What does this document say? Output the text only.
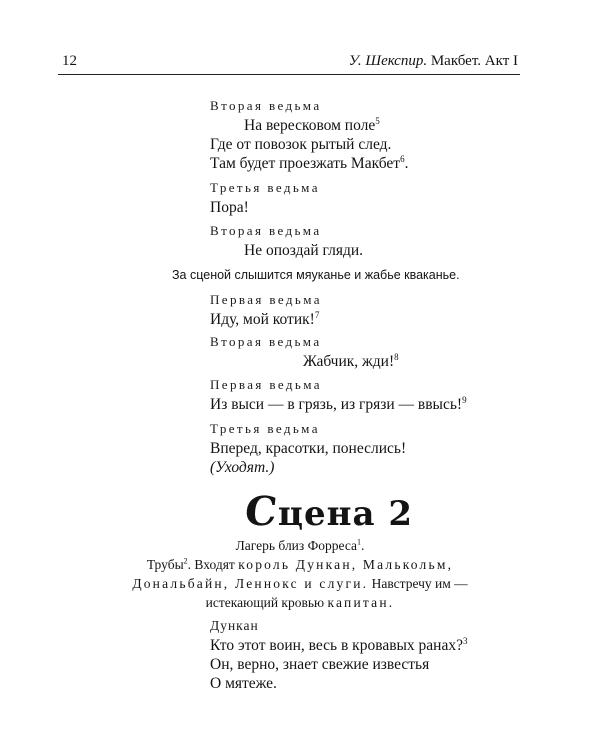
12	У. Шекспир. Макбет. Акт I
Вторая ведьма
На вересковом поле$^5$
Где от повозок рытый след.
Там будет проезжать Макбет$^6$.
Третья ведьма
Пора!
Вторая ведьма
Не опоздай гляди.
За сценой слышится мяуканье и жабье кваканье.
Первая ведьма
Иду, мой котик!$^7$
Вторая ведьма
Жабчик, жди!$^8$
Первая ведьма
Из выси — в грязь, из грязи — ввысь!$^9$
Третья ведьма
Вперед, красотки, понеслись!
(Уходят.)
Сцена 2
Лагерь близ Форреса$^1$.
Трубы$^2$. Входят король Дункан, Малькольм,
Дональбайн, Леннокс и слуги. Навстречу им —
истекающий кровью капитан.
Дункан
Кто этот воин, весь в кровавых ранах?$^3$
Он, верно, знает свежие известья
О мятеже.
